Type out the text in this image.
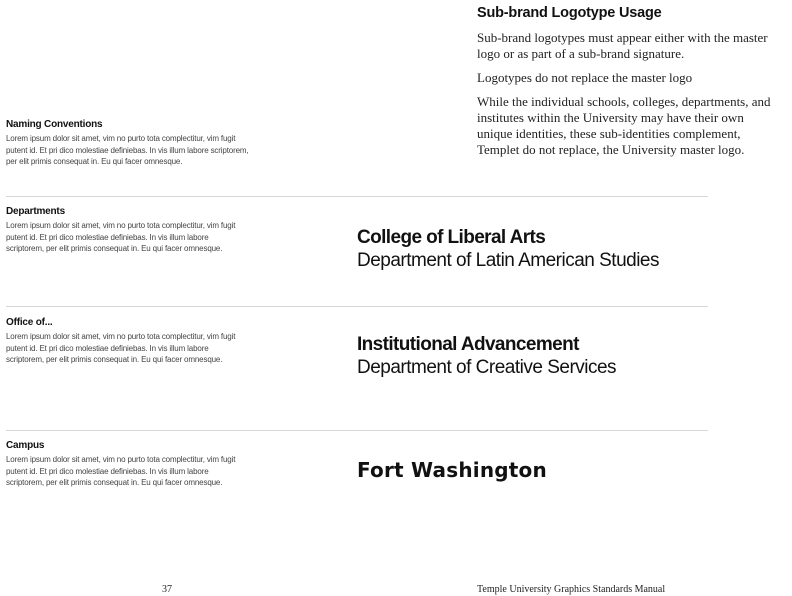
Sub-brand Logotype Usage

Sub-brand logotypes must appear either with the master logo or as part of a sub-brand signature.

Logotypes do not replace the master logo

While the individual schools, colleges, departments, and institutes within the University may have their own unique identities, these sub-identities complement, Templet do not replace, the University master logo.

Naming Conventions

Lorem ipsum dolor sit amet, vim no purto tota complectitur, vim fugit putent id. Et pri dico molestiae definiebas. In vis illum labore scriptorem, per elit primis consequat in. Eu qui facer omnesque.

Departments

Lorem ipsum dolor sit amet, vim no purto tota complectitur, vim fugit putent id. Et pri dico molestiae definiebas. In vis illum labore scriptorem, per elit primis consequat in. Eu qui facer omnesque.

College of Liberal Arts
Department of Latin American Studies
Office of...

Lorem ipsum dolor sit amet, vim no purto tota complectitur, vim fugit putent id. Et pri dico molestiae definiebas. In vis illum labore scriptorem, per elit primis consequat in. Eu qui facer omnesque.

Institutional Advancement
Department of Creative Services
Campus

Lorem ipsum dolor sit amet, vim no purto tota complectitur, vim fugit putent id. Et pri dico molestiae definiebas. In vis illum labore scriptorem, per elit primis consequat in. Eu qui facer omnesque.

Fort Washington
37	Temple University Graphics Standards Manual
